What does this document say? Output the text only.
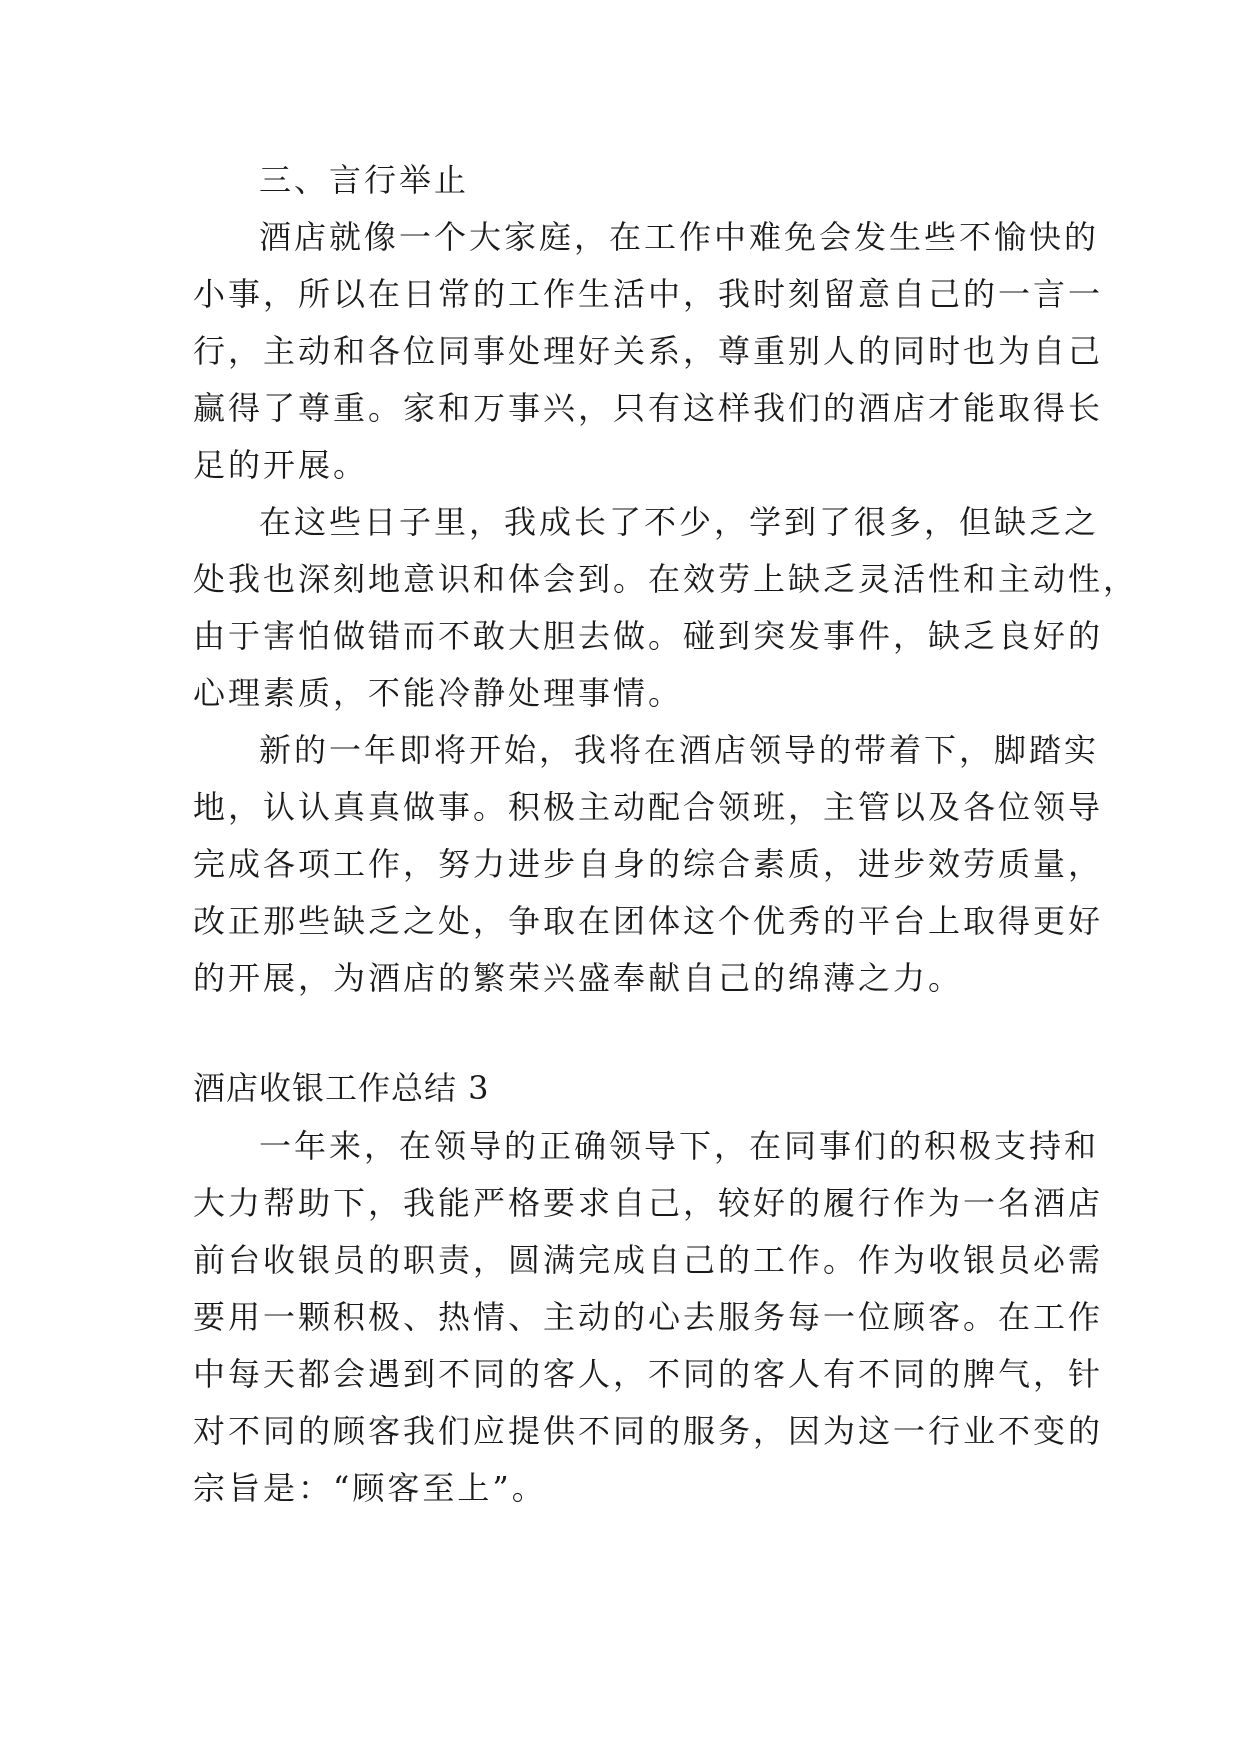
三、言行举止
酒店就像一个大家庭，在工作中难免会发生些不愉快的
小事，所以在日常的工作生活中，我时刻留意自己的一言一
行，主动和各位同事处理好关系，尊重别人的同时也为自己
赢得了尊重。家和万事兴，只有这样我们的酒店才能取得长
足的开展。
在这些日子里，我成长了不少，学到了很多，但缺乏之
处我也深刻地意识和体会到。在效劳上缺乏灵活性和主动性，
由于害怕做错而不敢大胆去做。碰到突发事件，缺乏良好的
心理素质，不能冷静处理事情。
新的一年即将开始，我将在酒店领导的带着下，脚踏实
地，认认真真做事。积极主动配合领班，主管以及各位领导
完成各项工作，努力进步自身的综合素质，进步效劳质量，
改正那些缺乏之处，争取在团体这个优秀的平台上取得更好
的开展，为酒店的繁荣兴盛奉献自己的绵薄之力。
酒店收银工作总结 3
一年来，在领导的正确领导下，在同事们的积极支持和
大力帮助下，我能严格要求自己，较好的履行作为一名酒店
前台收银员的职责，圆满完成自己的工作。作为收银员必需
要用一颗积极、热情、主动的心去服务每一位顾客。在工作
中每天都会遇到不同的客人，不同的客人有不同的脾气，针
对不同的顾客我们应提供不同的服务，因为这一行业不变的
宗旨是：“顾客至上”。
